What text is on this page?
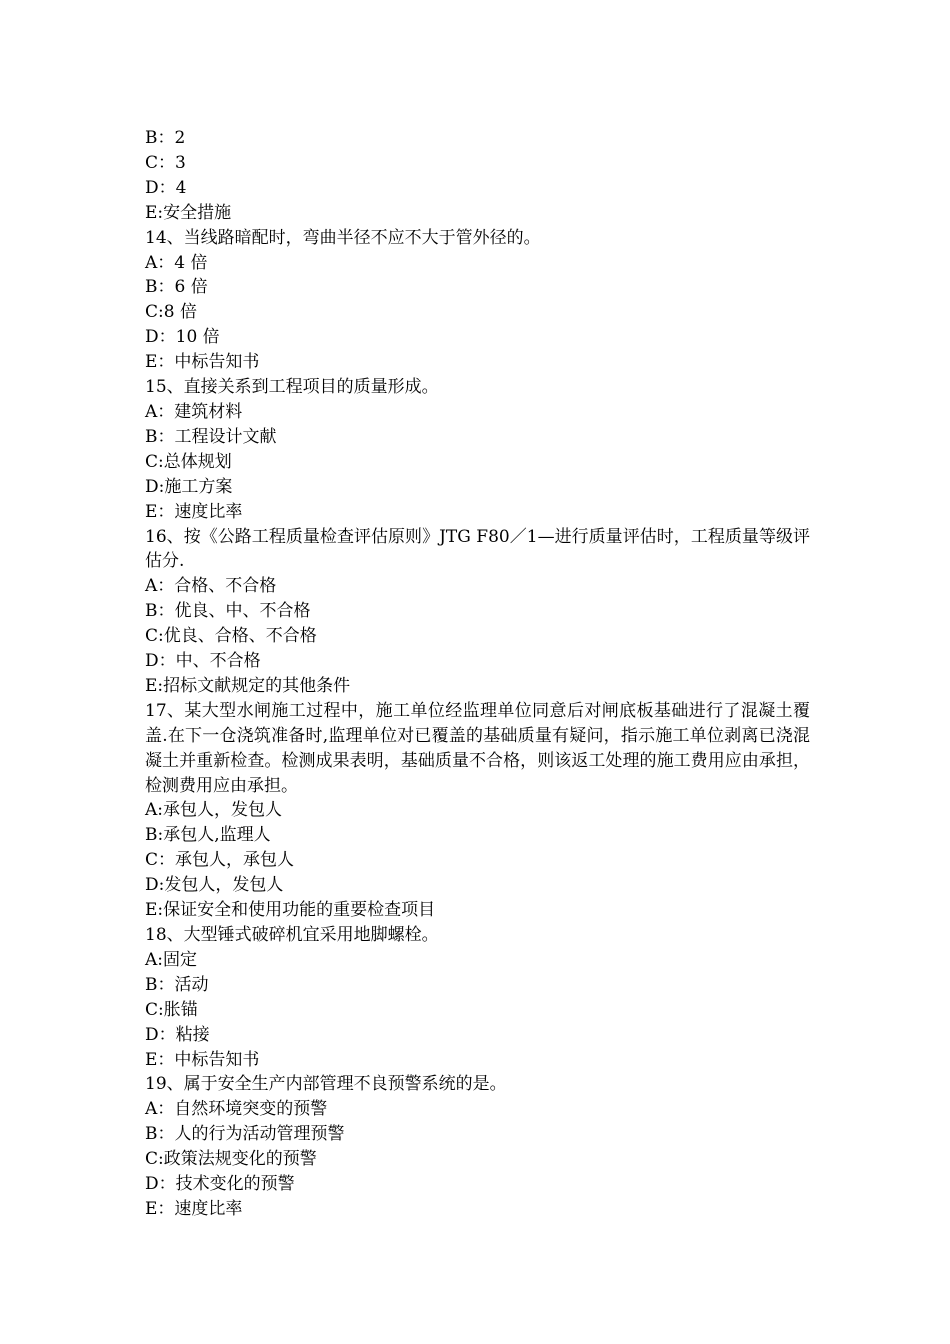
B：2

C：3

D：4

E:安全措施

14、当线路暗配时，弯曲半径不应不大于管外径的。

A：4 倍

B：6 倍

C:8 倍

D：10 倍

E：中标告知书

15、直接关系到工程项目的质量形成。

A：建筑材料

B：工程设计文献

C:总体规划

D:施工方案

E：速度比率

16、按《公路工程质量检查评估原则》JTG F80／1—进行质量评估时，工程质量等级评估分.

A：合格、不合格

B：优良、中、不合格

C:优良、合格、不合格

D：中、不合格

E:招标文献规定的其他条件

17、某大型水闸施工过程中，施工单位经监理单位同意后对闸底板基础进行了混凝土覆盖.在下一仓浇筑准备时,监理单位对已覆盖的基础质量有疑问，指示施工单位剥离已浇混凝土并重新检查。检测成果表明，基础质量不合格，则该返工处理的施工费用应由承担，检测费用应由承担。

A:承包人，发包人

B:承包人,监理人

C：承包人，承包人

D:发包人，发包人

E:保证安全和使用功能的重要检查项目

18、大型锤式破碎机宜采用地脚螺栓。

A:固定

B：活动

C:胀锚

D：粘接

E：中标告知书

19、属于安全生产内部管理不良预警系统的是。

A：自然环境突变的预警

B：人的行为活动管理预警

C:政策法规变化的预警

D：技术变化的预警

E：速度比率
